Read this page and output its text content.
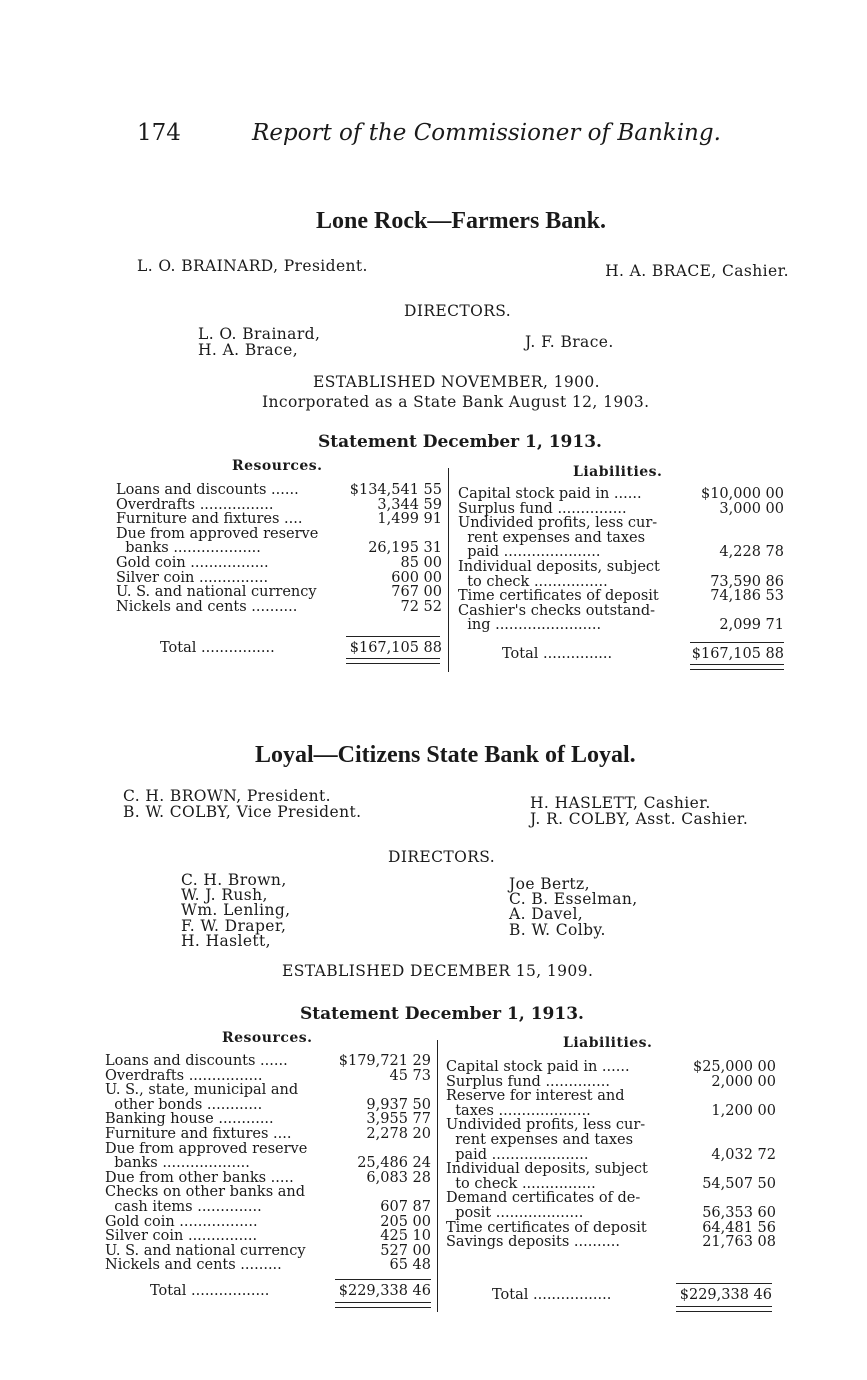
174	Report of the Commissioner of Banking.
Lone Rock—Farmers Bank.
L. O. BRAINARD, President.	H. A. BRACE, Cashier.
DIRECTORS.
L. O. Brainard,
H. A. Brace,	J. F. Brace.
ESTABLISHED NOVEMBER, 1900.
Incorporated as a State Bank August 12, 1903.
Statement December 1, 1913.
Resources.	Liabilities.
Loans and discounts ......	$134,541 55
Overdrafts ................	3,344 59
Furniture and fixtures ....	1,499 91
Due from approved reserve
banks ...................	26,195 31
Gold coin .................	85 00
Silver coin ...............	600 00
U. S. and national currency	767 00
Nickels and cents ..........	72 52
Total ................	$167,105 88
Capital stock paid in ......	$10,000 00
Surplus fund ...............	3,000 00
Undivided profits, less cur-
rent expenses and taxes
paid .....................	4,228 78
Individual deposits, subject
to check ................	73,590 86
Time certificates of deposit	74,186 53
Cashier's checks outstand-
ing .......................	2,099 71
Total ...............	$167,105 88
Loyal—Citizens State Bank of Loyal.
C. H. BROWN, President.
B. W. COLBY, Vice President.	H. HASLETT, Cashier.
J. R. COLBY, Asst. Cashier.
DIRECTORS.
C. H. Brown,
W. J. Rush,
Wm. Lenling,
F. W. Draper,
H. Haslett,
Joe Bertz,
C. B. Esselman,
A. Davel,
B. W. Colby.
ESTABLISHED DECEMBER 15, 1909.
Statement December 1, 1913.
Resources.	Liabilities.
Loans and discounts ......	$179,721 29
Overdrafts ................	45 73
U. S., state, municipal and
other bonds ............	9,937 50
Banking house ............	3,955 77
Furniture and fixtures ....	2,278 20
Due from approved reserve
banks ...................	25,486 24
Due from other banks .....	6,083 28
Checks on other banks and
cash items ..............	607 87
Gold coin .................	205 00
Silver coin ...............	425 10
U. S. and national currency	527 00
Nickels and cents .........	65 48
Total .................	$229,338 46
Capital stock paid in ......	$25,000 00
Surplus fund ..............	2,000 00
Reserve for interest and
taxes ....................	1,200 00
Undivided profits, less cur-
rent expenses and taxes
paid .....................	4,032 72
Individual deposits, subject
to check ................	54,507 50
Demand certificates of de-
posit ...................	56,353 60
Time certificates of deposit	64,481 56
Savings deposits ..........	21,763 08
Total .................	$229,338 46
